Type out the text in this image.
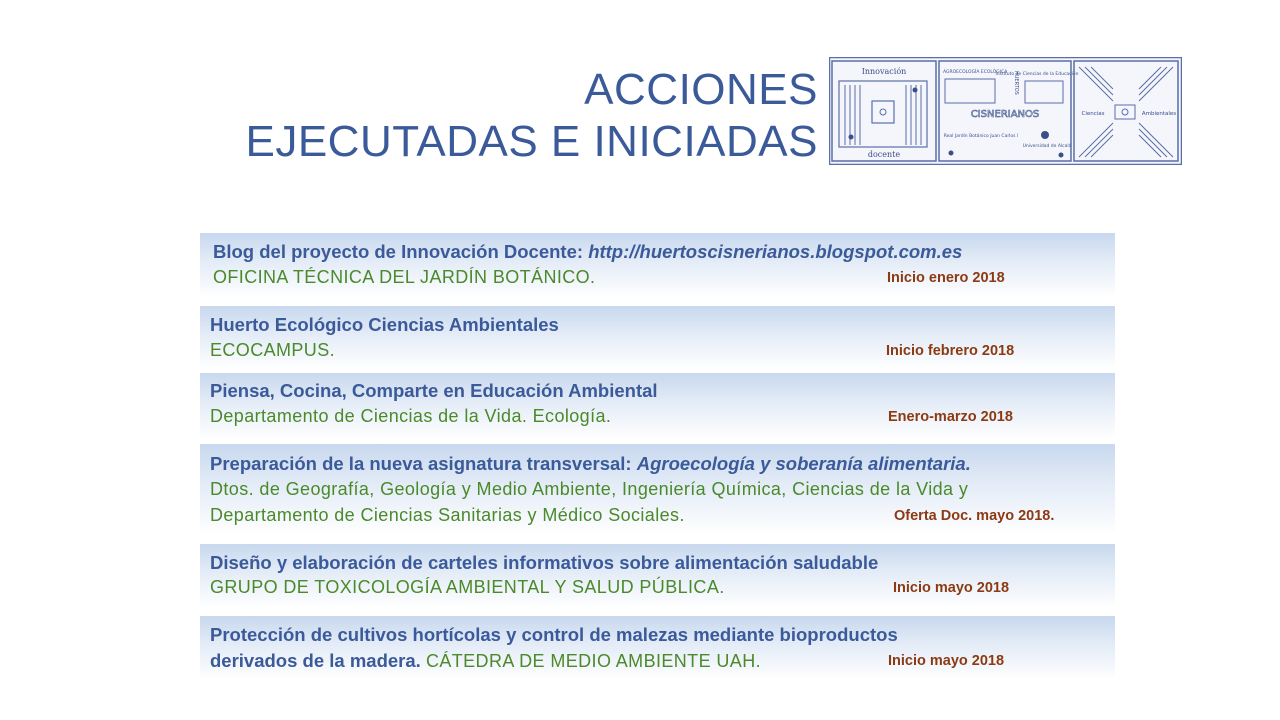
ACCIONES
EJECUTADAS E INICIADAS
Innovación
docente
AGROECOLOGÍA ECOLÓGICA
Instituto de Ciencias de la Educación
CISNERIANOS
HUERTOS
Real Jardín Botánico Juan Carlos I
Universidad de Alcalá
Ciencias	Ambientales
Blog del proyecto de Innovación Docente: http://huertoscisnerianos.blogspot.com.es
OFICINA TÉCNICA DEL JARDÍN BOTÁNICO.	Inicio enero 2018
Huerto Ecológico Ciencias Ambientales
ECOCAMPUS.	Inicio febrero 2018
Piensa, Cocina, Comparte en Educación Ambiental
Departamento de Ciencias de la Vida. Ecología.	Enero-marzo 2018
Preparación de la nueva asignatura transversal: Agroecología y soberanía alimentaria.
Dtos. de Geografía, Geología y Medio Ambiente, Ingeniería Química, Ciencias de la Vida y
Departamento de Ciencias Sanitarias y Médico Sociales.	Oferta Doc. mayo 2018.
Diseño y elaboración de carteles informativos sobre alimentación saludable
GRUPO DE TOXICOLOGÍA AMBIENTAL Y SALUD PÚBLICA.	Inicio mayo 2018
Protección de cultivos hortícolas y control de malezas mediante bioproductos
derivados de la madera. CÁTEDRA DE MEDIO AMBIENTE UAH.	Inicio mayo 2018
